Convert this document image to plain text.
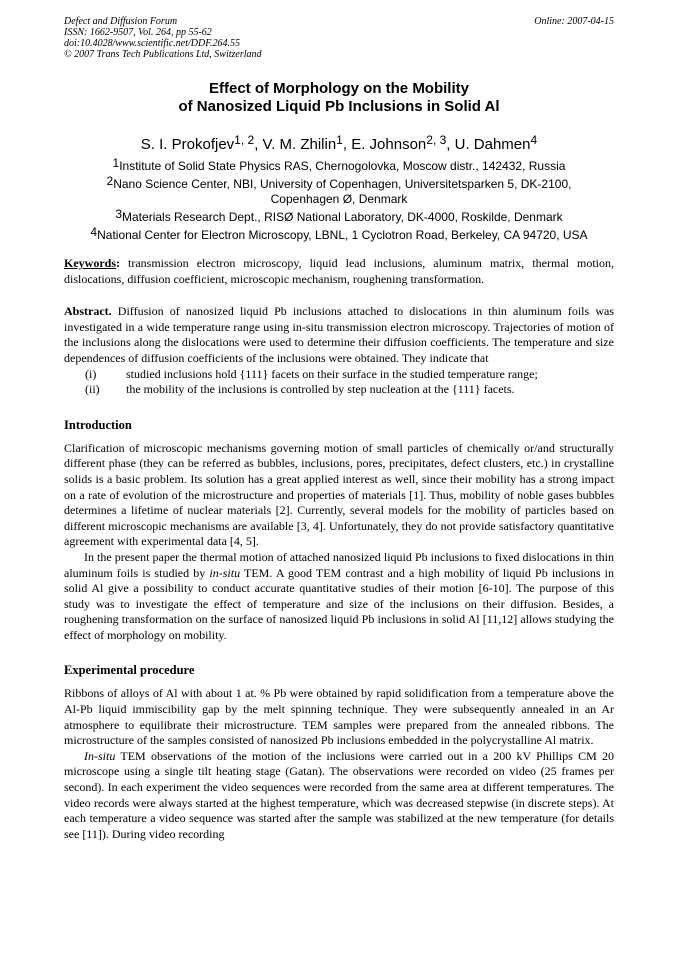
Defect and Diffusion Forum
ISSN: 1662-9507, Vol. 264, pp 55-62
doi:10.4028/www.scientific.net/DDF.264.55
© 2007 Trans Tech Publications Ltd, Switzerland
Online: 2007-04-15
Effect of Morphology on the Mobility
of Nanosized Liquid Pb Inclusions in Solid Al
S. I. Prokofjev$^{1, 2}$, V. M. Zhilin$^1$, E. Johnson$^{2, 3}$, U. Dahmen$^4$
$^1$Institute of Solid State Physics RAS, Chernogolovka, Moscow distr., 142432, Russia
$^2$Nano Science Center, NBI, University of Copenhagen, Universitetsparken 5, DK-2100,
Copenhagen Ø, Denmark
$^3$Materials Research Dept., RISØ National Laboratory, DK-4000, Roskilde, Denmark
$^4$National Center for Electron Microscopy, LBNL, 1 Cyclotron Road, Berkeley, CA 94720, USA
Keywords: transmission electron microscopy, liquid lead inclusions, aluminum matrix, thermal motion, dislocations, diffusion coefficient, microscopic mechanism, roughening transformation.
Abstract. Diffusion of nanosized liquid Pb inclusions attached to dislocations in thin aluminum foils was investigated in a wide temperature range using in-situ transmission electron microscopy. Trajectories of motion of the inclusions along the dislocations were used to determine their diffusion coefficients. The temperature and size dependences of diffusion coefficients of the inclusions were obtained. They indicate that
(i) studied inclusions hold {111} facets on their surface in the studied temperature range;
(ii) the mobility of the inclusions is controlled by step nucleation at the {111} facets.
Introduction
Clarification of microscopic mechanisms governing motion of small particles of chemically or/and structurally different phase (they can be referred as bubbles, inclusions, pores, precipitates, defect clusters, etc.) in crystalline solids is a basic problem. Its solution has a great applied interest as well, since their mobility has a strong impact on a rate of evolution of the microstructure and properties of materials [1]. Thus, mobility of noble gases bubbles determines a lifetime of nuclear materials [2]. Currently, several models for the mobility of particles based on different microscopic mechanisms are available [3, 4]. Unfortunately, they do not provide satisfactory quantitative agreement with experimental data [4, 5].
In the present paper the thermal motion of attached nanosized liquid Pb inclusions to fixed dislocations in thin aluminum foils is studied by in-situ TEM. A good TEM contrast and a high mobility of liquid Pb inclusions in solid Al give a possibility to conduct accurate quantitative studies of their motion [6-10]. The purpose of this study was to investigate the effect of temperature and size of the inclusions on their diffusion. Besides, a roughening transformation on the surface of nanosized liquid Pb inclusions in solid Al [11,12] allows studying the effect of morphology on mobility.
Experimental procedure
Ribbons of alloys of Al with about 1 at. % Pb were obtained by rapid solidification from a temperature above the Al-Pb liquid immiscibility gap by the melt spinning technique. They were subsequently annealed in an Ar atmosphere to equilibrate their microstructure. TEM samples were prepared from the annealed ribbons. The microstructure of the samples consisted of nanosized Pb inclusions embedded in the polycrystalline Al matrix.
In-situ TEM observations of the motion of the inclusions were carried out in a 200 kV Phillips CM 20 microscope using a single tilt heating stage (Gatan). The observations were recorded on video (25 frames per second). In each experiment the video sequences were recorded from the same area at different temperatures. The video records were always started at the highest temperature, which was decreased stepwise (in discrete steps). At each temperature a video sequence was started after the sample was stabilized at the new temperature (for details see [11]). During video recording
